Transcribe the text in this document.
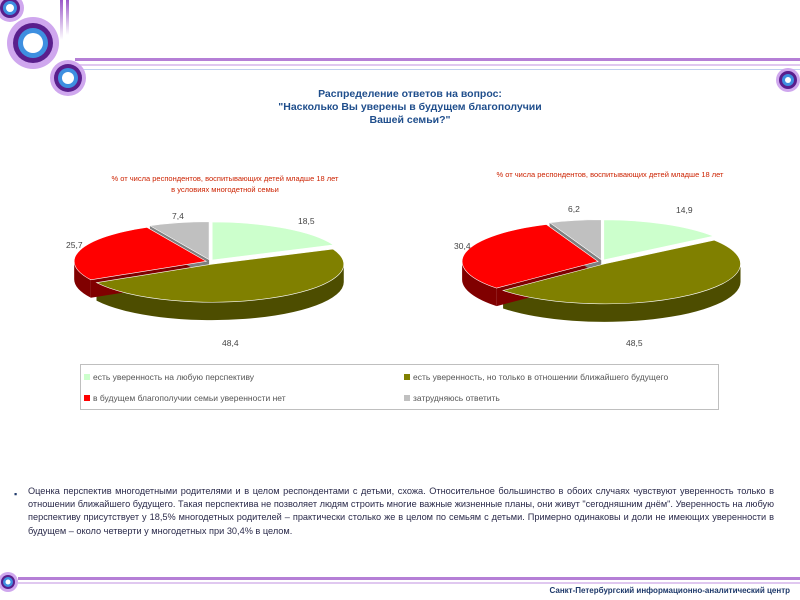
Распределение ответов на вопрос:
"Насколько Вы уверены в будущем благополучии
Вашей семьи?"
% от числа респондентов, воспитывающих детей младше 18 лет
в условиях многодетной семьи
% от числа респондентов, воспитывающих детей младше 18 лет
18,5
48,4
25,7
7,4
14,9
48,5
30,4
6,2
есть уверенность на любую перспективу	есть уверенность, но только в отношении ближайшего будущего
в будущем благополучии семьи уверенности нет	затрудняюсь ответить
▪	Оценка перспектив многодетными родителями и в целом респондентами с детьми, схожа. Относительное большинство в обоих случаях чувствуют уверенность только в отношении ближайшего будущего. Такая перспектива не позволяет людям строить многие важные жизненные планы, они живут "сегодняшним днём". Уверенность на любую перспективу присутствует у 18,5% многодетных родителей – практически столько же в целом по семьям с детьми. Примерно одинаковы и доли не имеющих уверенности в будущем – около четверти у многодетных при 30,4% в целом.
Санкт-Петербургский информационно-аналитический центр
